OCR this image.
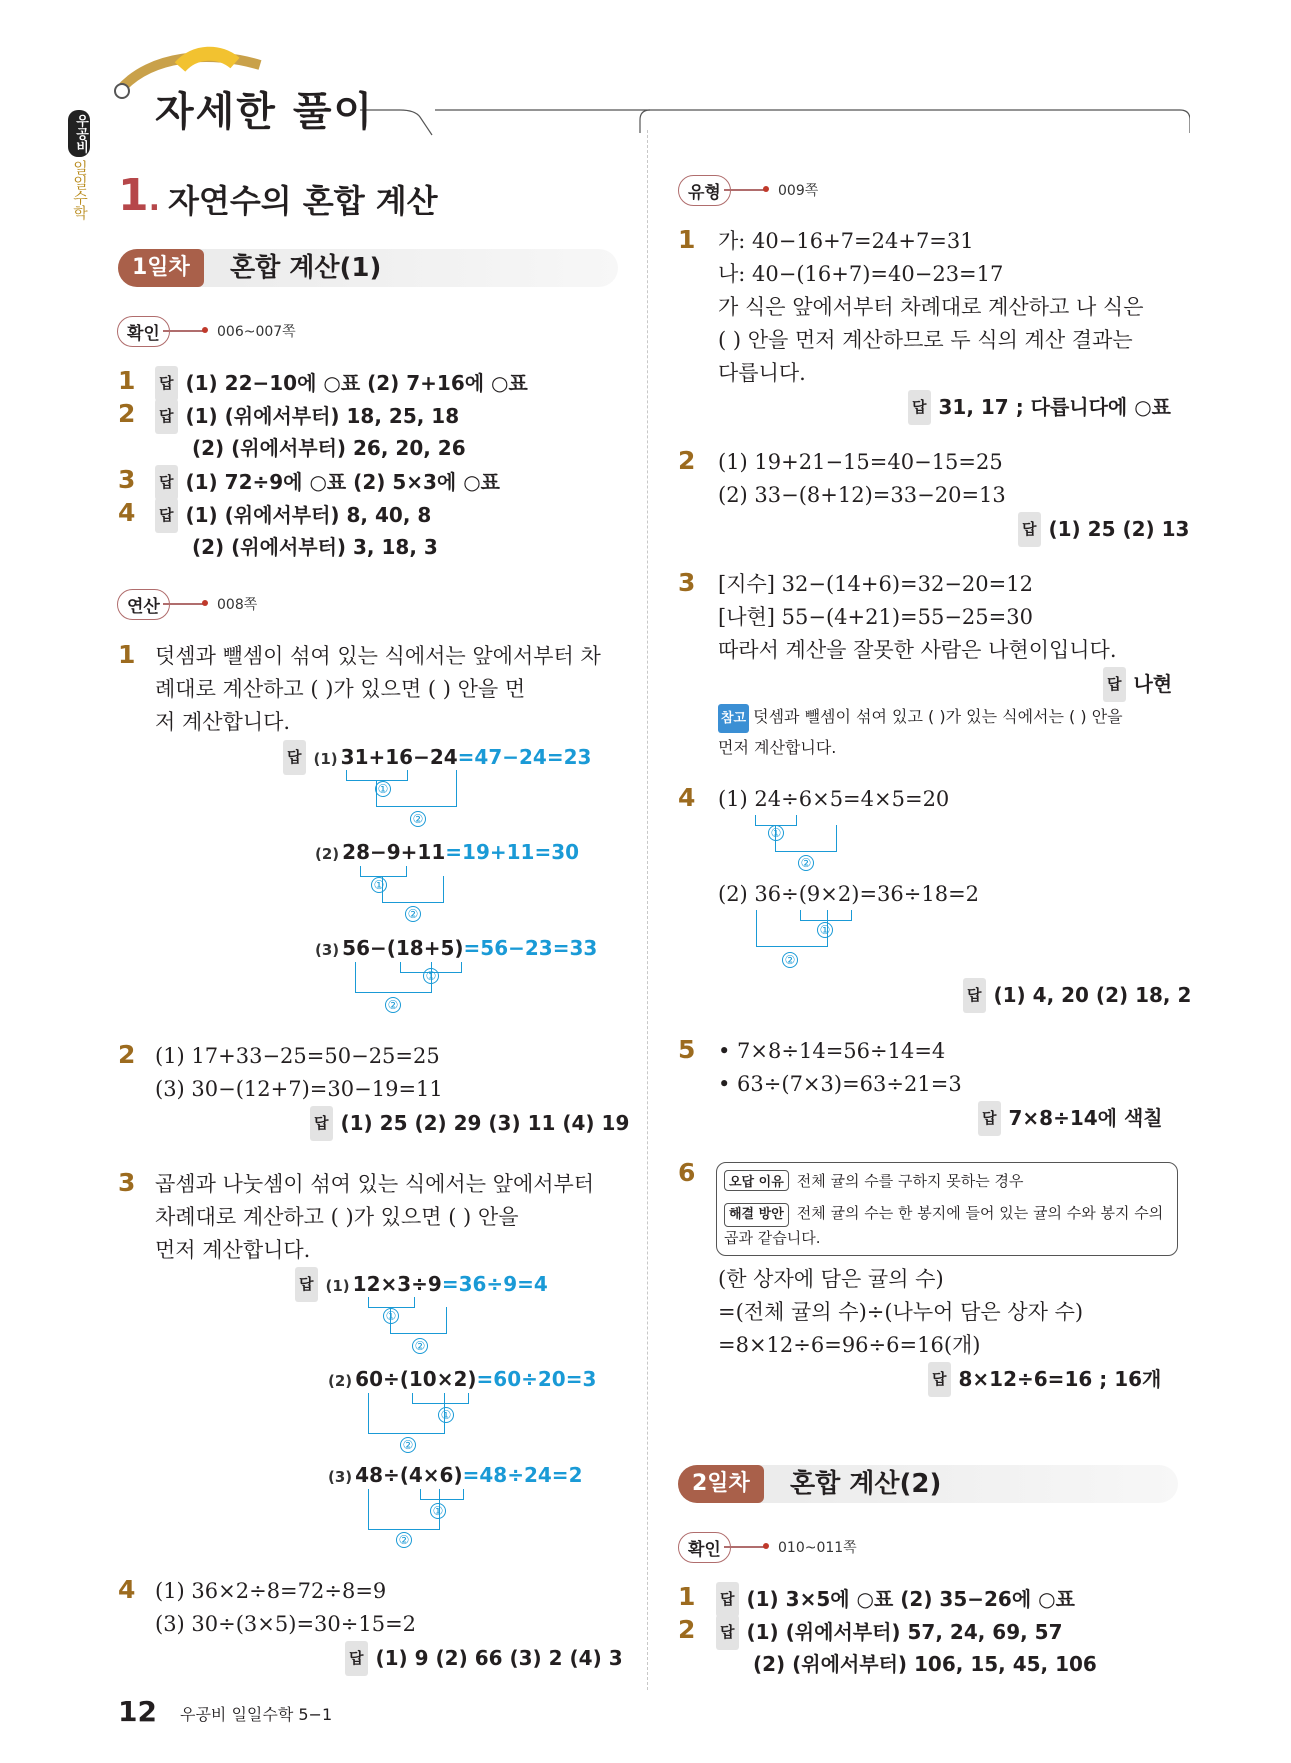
자세한 풀이
우공비
일일수학 1. 자연수의 혼합 계산
1일차	혼합 계산(1)
확인	006~007쪽
1 답 (1) 22−10에 ○표 (2) 7+16에 ○표
2 답 (1) (위에서부터) 18, 25, 18
(2) (위에서부터) 26, 20, 26
3 답 (1) 72÷9에 ○표 (2) 5×3에 ○표
4 답 (1) (위에서부터) 8, 40, 8
(2) (위에서부터) 3, 18, 3
연산	008쪽
1 덧셈과 뺄셈이 섞여 있는 식에서는 앞에서부터 차
례대로 계산하고 ( )가 있으면 ( ) 안을 먼
저 계산합니다.
답 (1) 31+16−24=47−24=23
①
②
(2) 28−9+11=19+11=30
①
②
(3) 56−(18+5)=56−23=33
①
②
2 (1) 17+33−25=50−25=25
(3) 30−(12+7)=30−19=11
답 (1) 25 (2) 29 (3) 11 (4) 19
3 곱셈과 나눗셈이 섞여 있는 식에서는 앞에서부터
차례대로 계산하고 ( )가 있으면 ( ) 안을
먼저 계산합니다.
답 (1) 12×3÷9=36÷9=4
①
②
(2) 60÷(10×2)=60÷20=3
①
②
(3) 48÷(4×6)=48÷24=2
①
②
4 (1) 36×2÷8=72÷8=9
(3) 30÷(3×5)=30÷15=2
답 (1) 9 (2) 66 (3) 2 (4) 3
유형	009쪽
1 가: 40−16+7=24+7=31
나: 40−(16+7)=40−23=17
가 식은 앞에서부터 차례대로 계산하고 나 식은
( ) 안을 먼저 계산하므로 두 식의 계산 결과는
다릅니다.
답 31, 17 ; 다릅니다에 ○표
2 (1) 19+21−15=40−15=25
(2) 33−(8+12)=33−20=13
답 (1) 25 (2) 13
3 [지수] 32−(14+6)=32−20=12
[나현] 55−(4+21)=55−25=30
따라서 계산을 잘못한 사람은 나현이입니다.
답 나현
참고 덧셈과 뺄셈이 섞여 있고 ( )가 있는 식에서는 ( ) 안을
먼저 계산합니다.
4 (1) 24÷6×5=4×5=20
①
②
(2) 36÷(9×2)=36÷18=2
①
②
답 (1) 4, 20 (2) 18, 2
5 • 7×8÷14=56÷14=4
• 63÷(7×3)=63÷21=3
답 7×8÷14에 색칠
6	오답 이유 전체 귤의 수를 구하지 못하는 경우
해결 방안 전체 귤의 수는 한 봉지에 들어 있는 귤의 수와 봉지 수의
곱과 같습니다.
(한 상자에 담은 귤의 수)
=(전체 귤의 수)÷(나누어 담은 상자 수)
=8×12÷6=96÷6=16(개)
답 8×12÷6=16 ; 16개
2일차	혼합 계산(2)
확인	010~011쪽
1 답 (1) 3×5에 ○표 (2) 35−26에 ○표
2 답 (1) (위에서부터) 57, 24, 69, 57
(2) (위에서부터) 106, 15, 45, 106
12 우공비 일일수학 5−1
